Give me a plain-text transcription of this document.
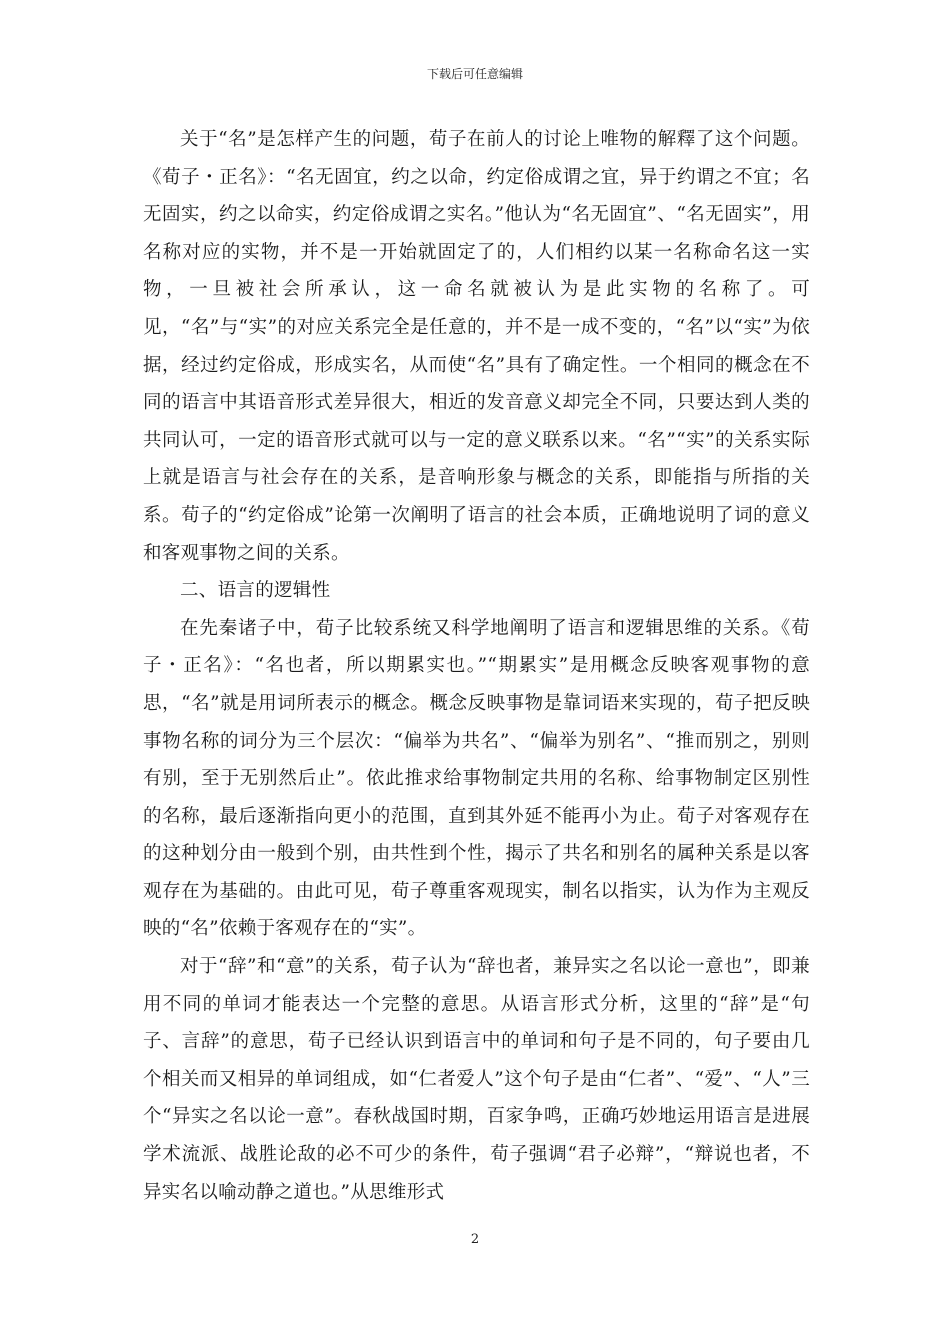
下载后可任意编辑

关于“名”是怎样产生的问题，荀子在前人的讨论上唯物的解釋了这个问题。《荀子・正名》：“名无固宜，约之以命，约定俗成谓之宜，异于约谓之不宜；名无固实，约之以命实，约定俗成谓之实名。”他认为“名无固宜”、“名无固实”，用名称对应的实物，并不是一开始就固定了的，人们相约以某一名称命名这一实物，一旦被社会所承认，这一命名就被认为是此实物的名称了。可见，“名”与“实”的对应关系完全是任意的，并不是一成不变的，“名”以“实”为依据，经过约定俗成，形成实名，从而使“名”具有了确定性。一个相同的概念在不同的语言中其语音形式差异很大，相近的发音意义却完全不同，只要达到人类的共同认可，一定的语音形式就可以与一定的意义联系以来。“名”“实”的关系实际上就是语言与社会存在的关系，是音响形象与概念的关系，即能指与所指的关系。荀子的“约定俗成”论第一次阐明了语言的社会本质，正确地说明了词的意义和客观事物之间的关系。

二、语言的逻辑性

在先秦诸子中，荀子比较系统又科学地阐明了语言和逻辑思维的关系。《荀子・正名》：“名也者，所以期累实也。”“期累实”是用概念反映客观事物的意思，“名”就是用词所表示的概念。概念反映事物是靠词语来实现的，荀子把反映事物名称的词分为三个层次：“偏举为共名”、“偏举为别名”、“推而别之，别则有别，至于无别然后止”。依此推求给事物制定共用的名称、给事物制定区别性的名称，最后逐渐指向更小的范围，直到其外延不能再小为止。荀子对客观存在的这种划分由一般到个别，由共性到个性，揭示了共名和别名的属种关系是以客观存在为基础的。由此可见，荀子尊重客观现实，制名以指实，认为作为主观反映的“名”依赖于客观存在的“实”。

对于“辞”和“意”的关系，荀子认为“辞也者，兼异实之名以论一意也”，即兼用不同的单词才能表达一个完整的意思。从语言形式分析，这里的“辞”是“句子、言辞”的意思，荀子已经认识到语言中的单词和句子是不同的，句子要由几个相关而又相异的单词组成，如“仁者爱人”这个句子是由“仁者”、“爱”、“人”三个“异实之名以论一意”。春秋战国时期，百家争鸣，正确巧妙地运用语言是进展学术流派、战胜论敌的必不可少的条件，荀子强调“君子必辩”，“辩说也者，不异实名以喻动静之道也。”从思维形式

2
